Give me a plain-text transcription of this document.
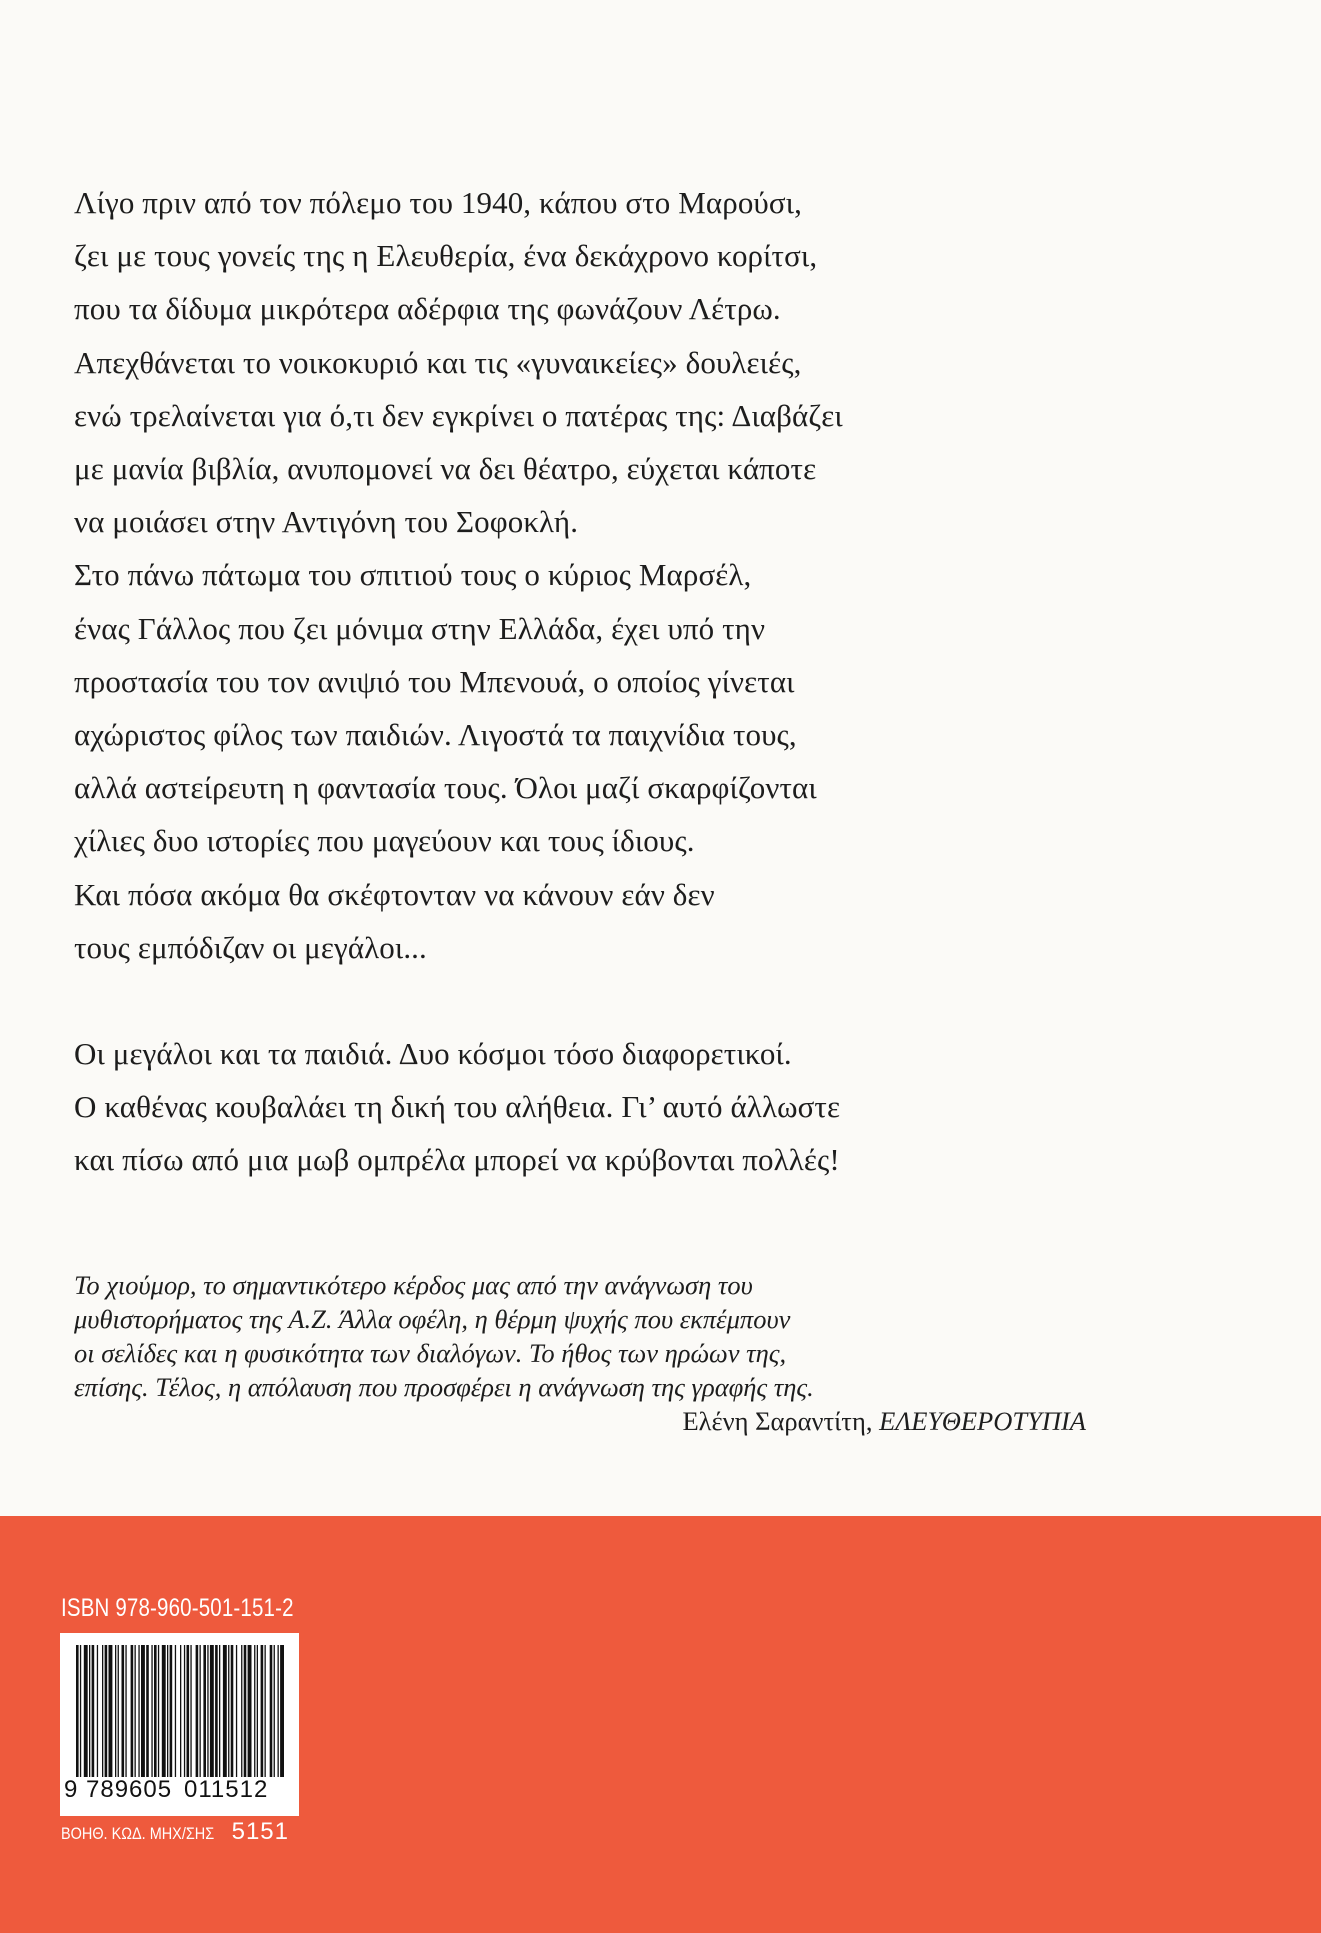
Λίγο πριν από τον πόλεμο του 1940, κάπου στο Μαρούσι,
ζει με τους γονείς της η Ελευθερία, ένα δεκάχρονο κορίτσι,
που τα δίδυμα μικρότερα αδέρφια της φωνάζουν Λέτρω.
Απεχθάνεται το νοικοκυριό και τις «γυναικείες» δουλειές,
ενώ τρελαίνεται για ό,τι δεν εγκρίνει ο πατέρας της: Διαβάζει
με μανία βιβλία, ανυπομονεί να δει θέατρο, εύχεται κάποτε
να μοιάσει στην Αντιγόνη του Σοφοκλή.
Στο πάνω πάτωμα του σπιτιού τους ο κύριος Μαρσέλ,
ένας Γάλλος που ζει μόνιμα στην Ελλάδα, έχει υπό την
προστασία του τον ανιψιό του Μπενουά, ο οποίος γίνεται
αχώριστος φίλος των παιδιών. Λιγοστά τα παιχνίδια τους,
αλλά αστείρευτη η φαντασία τους. Όλοι μαζί σκαρφίζονται
χίλιες δυο ιστορίες που μαγεύουν και τους ίδιους.
Και πόσα ακόμα θα σκέφτονταν να κάνουν εάν δεν
τους εμπόδιζαν οι μεγάλοι...
Οι μεγάλοι και τα παιδιά. Δυο κόσμοι τόσο διαφορετικοί.
Ο καθένας κουβαλάει τη δική του αλήθεια. Γι’ αυτό άλλωστε
και πίσω από μια μωβ ομπρέλα μπορεί να κρύβονται πολλές!
Το χιούμορ, το σημαντικότερο κέρδος μας από την ανάγνωση του
μυθιστορήματος της Α.Ζ. Άλλα οφέλη, η θέρμη ψυχής που εκπέμπουν
οι σελίδες και η φυσικότητα των διαλόγων. Το ήθος των ηρώων της,
επίσης. Τέλος, η απόλαυση που προσφέρει η ανάγνωση της γραφής της.
Ελένη Σαραντίτη, ΕΛΕΥΘΕΡΟΤΥΠΙΑ
ISBN 978-960-501-151-2
9 789605 011512
ΒΟΗΘ. ΚΩΔ. ΜΗΧ/ΣΗΣ 5151
